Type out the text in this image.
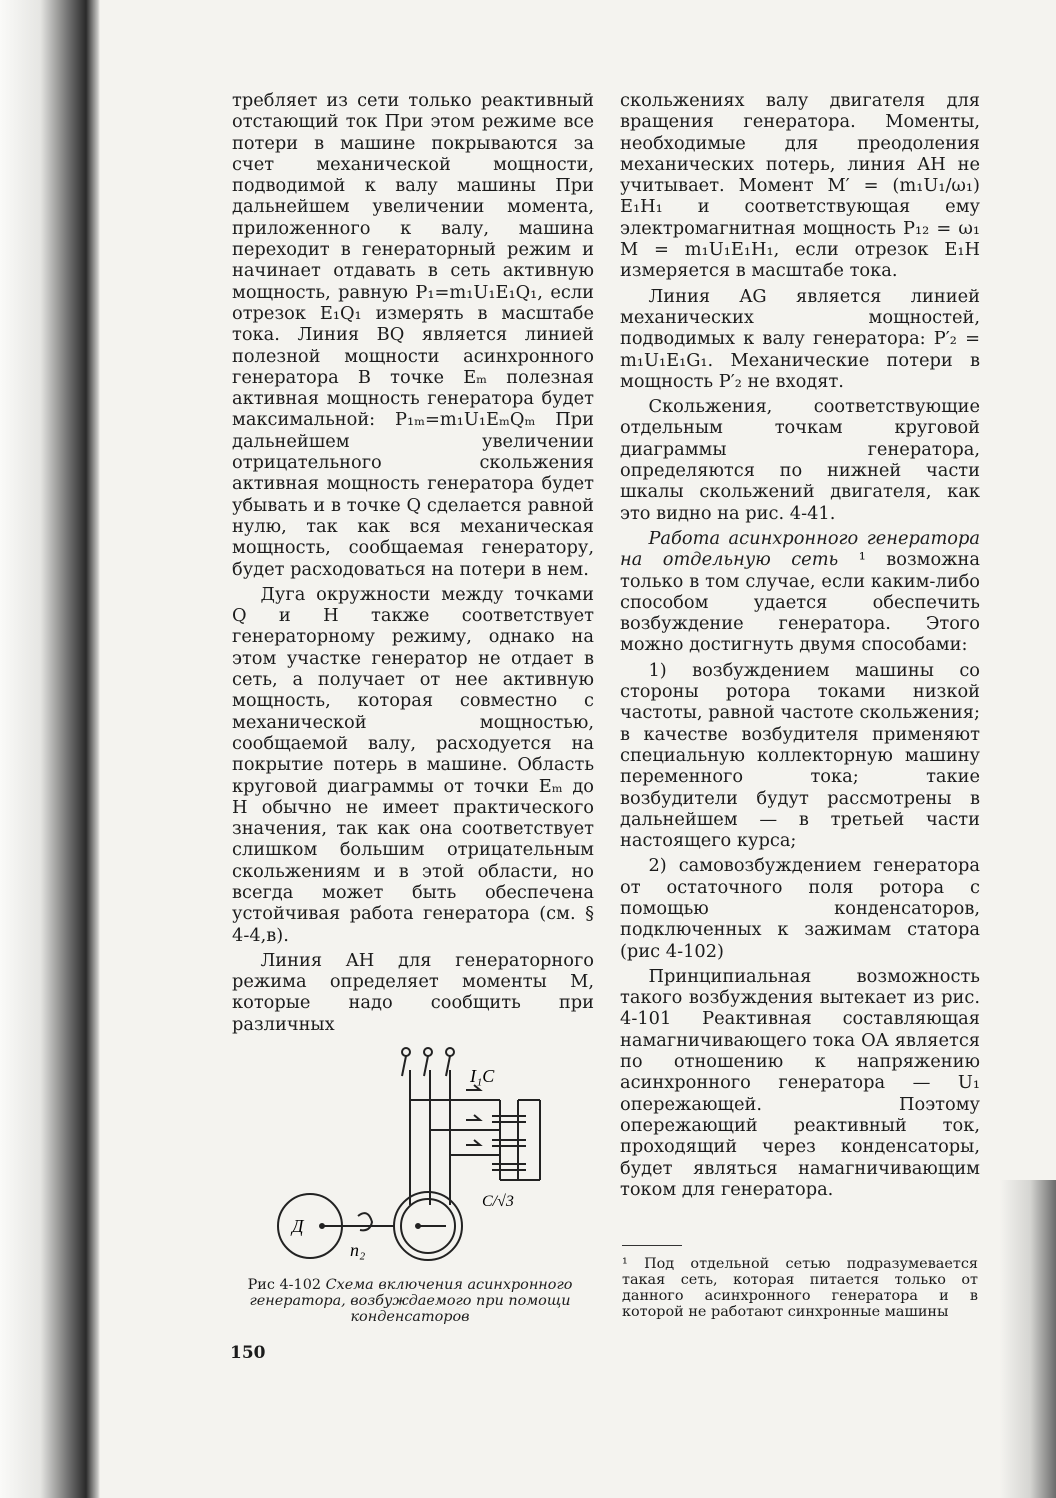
требляет из сети только реактивный отстающий ток При этом режиме все потери в машине покрываются за счет механической мощности, подводимой к валу машины При дальнейшем увеличении момента, приложенного к валу, машина переходит в генераторный режим и начинает отдавать в сеть активную мощность, равную P₁=m₁U₁E₁Q₁, если отрезок E₁Q₁ измерять в масштабе тока. Линия BQ является линией полезной мощности асинхронного генератора В точке Eₘ полезная активная мощность генератора будет максимальной: P₁ₘ=m₁U₁EₘQₘ При дальнейшем увеличении отрицательного скольжения активная мощность генератора будет убывать и в точке Q сделается равной нулю, так как вся механическая мощность, сообщаемая генератору, будет расходоваться на потери в нем.

Дуга окружности между точками Q и H также соответствует генераторному режиму, однако на этом участке генератор не отдает в сеть, а получает от нее активную мощность, которая совместно с механической мощностью, сообщаемой валу, расходуется на покрытие потерь в машине. Область круговой диаграммы от точки Eₘ до H обычно не имеет практического значения, так как она соответствует слишком большим отрицательным скольжениям и в этой области, но всегда может быть обеспечена устойчивая работа генератора (см. § 4-4,в).

Линия AH для генераторного режима определяет моменты M, которые надо сообщить при различных

скольжениях валу двигателя для вращения генератора. Моменты, необходимые для преодоления механических потерь, линия AH не учитывает. Момент M′ = (m₁U₁/ω₁) E₁H₁ и соответствующая ему электромагнитная мощность P₁₂ = ω₁ M = m₁U₁E₁H₁, если отрезок E₁H измеряется в масштабе тока.

Линия AG является линией механических мощностей, подводимых к валу генератора: P′₂ = m₁U₁E₁G₁. Механические потери в мощность P′₂ не входят.

Скольжения, соответствующие отдельным точкам круговой диаграммы генератора, определяются по нижней части шкалы скольжений двигателя, как это видно на рис. 4-41.

Работа асинхронного генератора на отдельную сеть ¹ возможна только в том случае, если каким-либо способом удается обеспечить возбуждение генератора. Этого можно достигнуть двумя способами:

1) возбуждением машины со стороны ротора токами низкой частоты, равной частоте скольжения; в качестве возбудителя применяют специальную коллекторную машину переменного тока; такие возбудители будут рассмотрены в дальнейшем — в третьей части настоящего курса;

2) самовозбуждением генератора от остаточного поля ротора с помощью конденсаторов, подключенных к зажимам статора (рис 4-102)

Принципиальная возможность такого возбуждения вытекает из рис. 4-101 Реактивная составляющая намагничивающего тока OA является по отношению к напряжению асинхронного генератора — U₁ опережающей. Поэтому опережающий реактивный ток, проходящий через конденсаторы, будет являться намагничивающим током для генератора.

I₁C
C/√3
Д
n₂
Рис 4-102 Схема включения асинхронного генератора, возбуждаемого при помощи конденсаторов
¹ Под отдельной сетью подразумевается такая сеть, которая питается только от данного асинхронного генератора и в которой не работают синхронные машины
150
